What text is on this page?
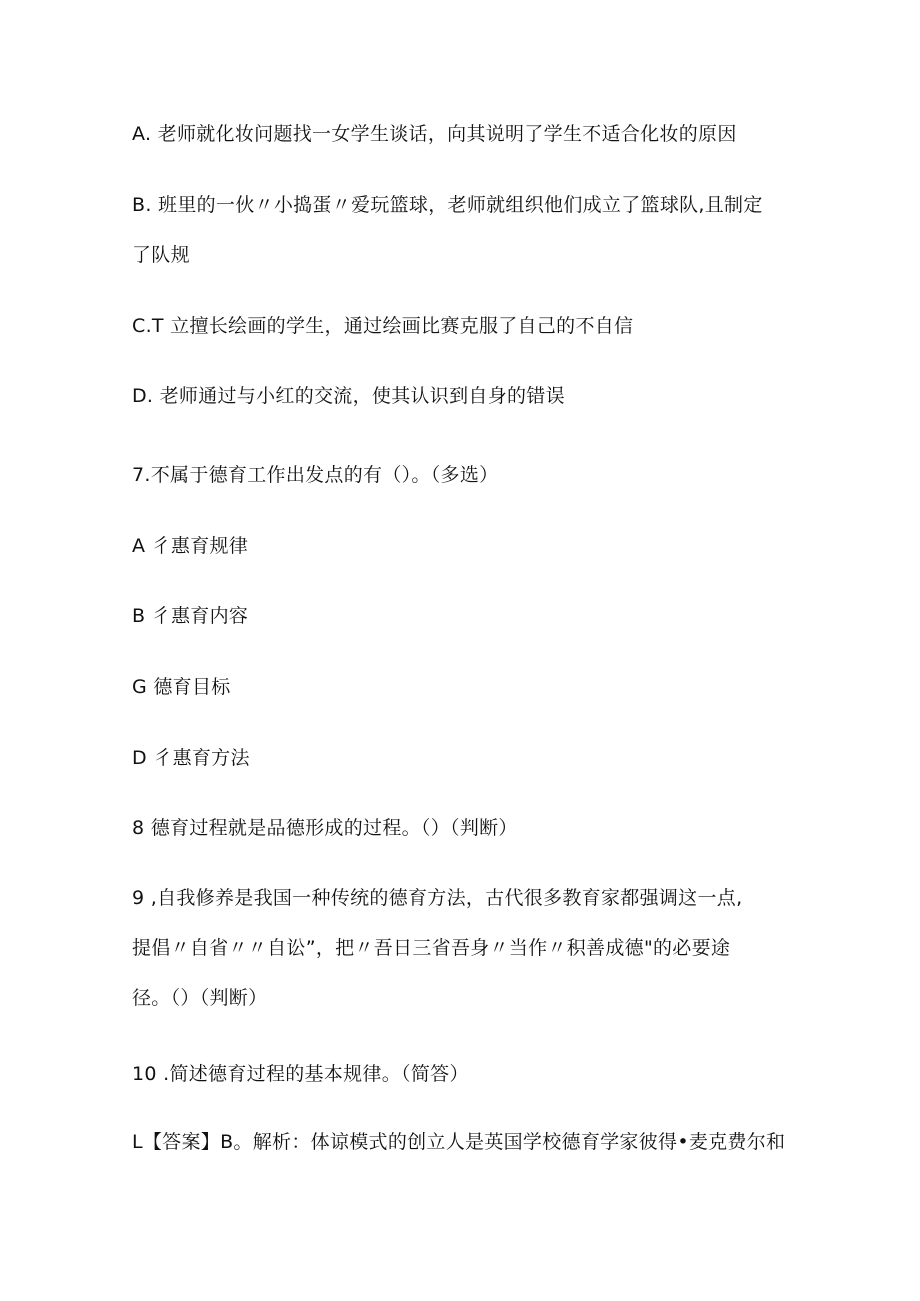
A. 老师就化妆问题找一女学生谈话，向其说明了学生不适合化妆的原因
B. 班里的一伙〃小捣蛋〃爱玩篮球，老师就组织他们成立了篮球队,且制定
了队规
C.T 立擅长绘画的学生，通过绘画比赛克服了自己的不自信
D. 老师通过与小红的交流，使其认识到自身的错误
7.不属于德育工作出发点的有（）。（多选）
A 彳惠育规律
B 彳惠育内容
G 德育目标
D 彳惠育方法
8 德育过程就是品德形成的过程。（）（判断）
9 ,自我修养是我国一种传统的德育方法，古代很多教育家都强调这一点,
提倡〃自省〃〃自讼”，把〃吾日三省吾身〃当作〃积善成德"的必要途
径。（）（判断）
10 .简述德育过程的基本规律。（简答）
L【答案】B。解析：体谅模式的创立人是英国学校德育学家彼得•麦克费尔和
